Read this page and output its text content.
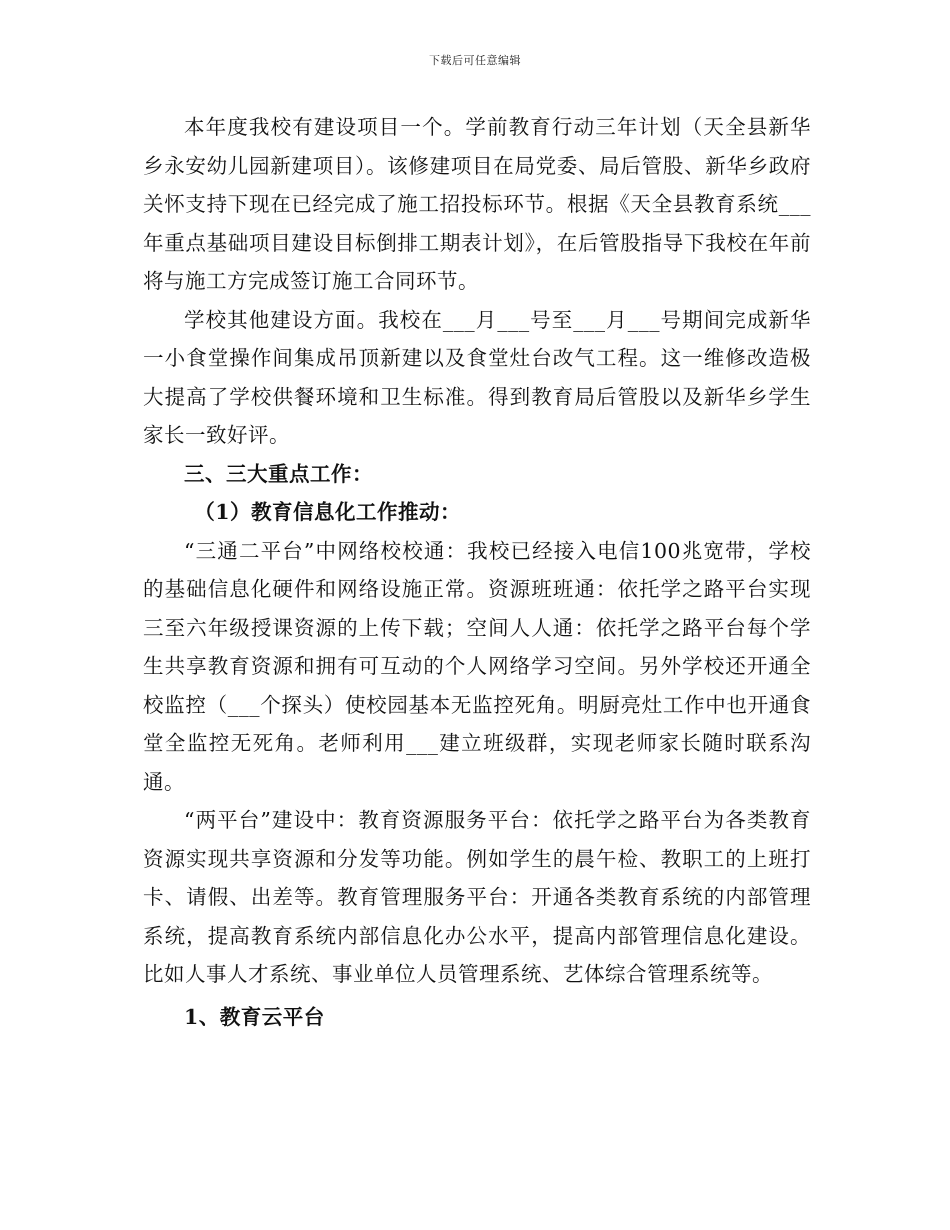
下载后可任意编辑

本年度我校有建设项目一个。学前教育行动三年计划（天全县新华乡永安幼儿园新建项目）。该修建项目在局党委、局后管股、新华乡政府关怀支持下现在已经完成了施工招投标环节。根据《天全县教育系统___年重点基础项目建设目标倒排工期表计划》，在后管股指导下我校在年前将与施工方完成签订施工合同环节。

学校其他建设方面。我校在___月___号至___月___号期间完成新华一小食堂操作间集成吊顶新建以及食堂灶台改气工程。这一维修改造极大提高了学校供餐环境和卫生标准。得到教育局后管股以及新华乡学生家长一致好评。

三、三大重点工作：

（1）教育信息化工作推动：

“三通二平台”中网络校校通：我校已经接入电信100兆宽带，学校的基础信息化硬件和网络设施正常。资源班班通：依托学之路平台实现三至六年级授课资源的上传下载；空间人人通：依托学之路平台每个学生共享教育资源和拥有可互动的个人网络学习空间。另外学校还开通全校监控（___个探头）使校园基本无监控死角。明厨亮灶工作中也开通食堂全监控无死角。老师利用___建立班级群，实现老师家长随时联系沟通。

“两平台”建设中：教育资源服务平台：依托学之路平台为各类教育资源实现共享资源和分发等功能。例如学生的晨午检、教职工的上班打卡、请假、出差等。教育管理服务平台：开通各类教育系统的内部管理系统，提高教育系统内部信息化办公水平，提高内部管理信息化建设。比如人事人才系统、事业单位人员管理系统、艺体综合管理系统等。

1、教育云平台
